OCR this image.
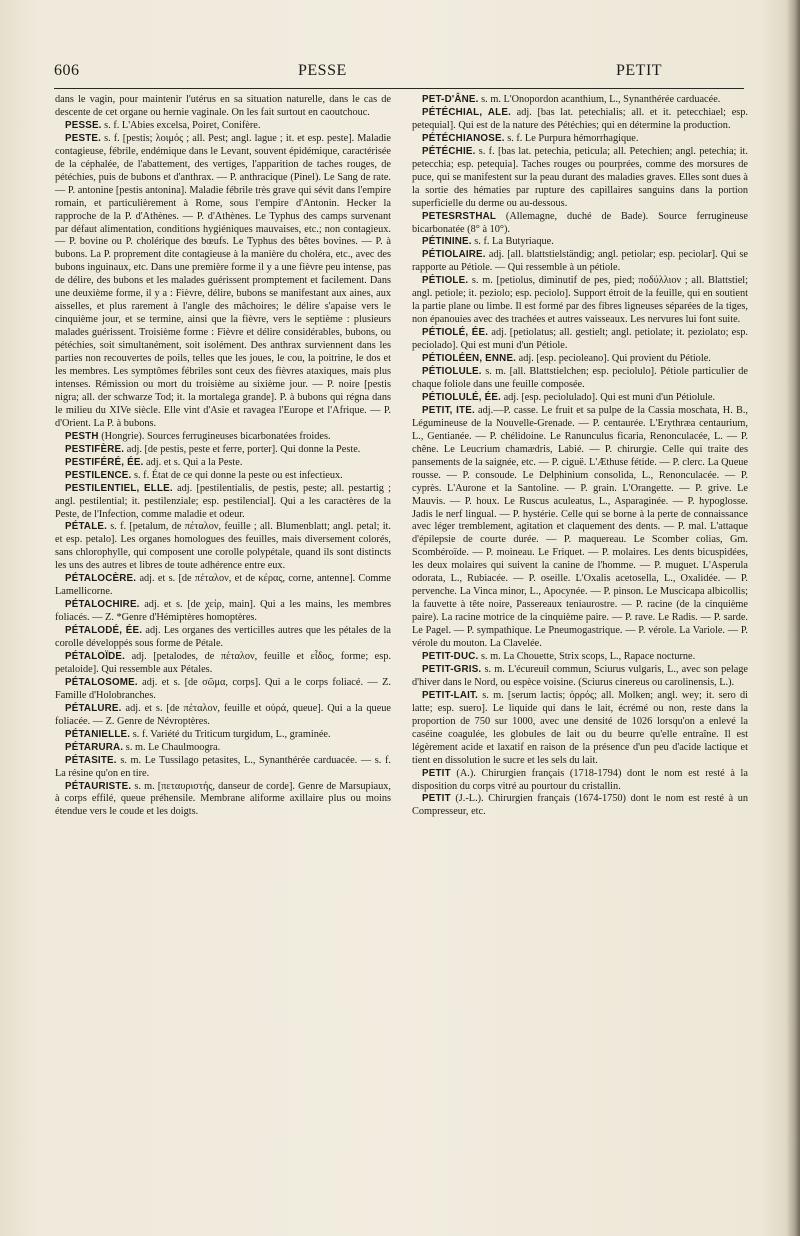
606	PESSE	PETIT

dans le vagin, pour maintenir l'utérus en sa situation naturelle, dans le cas de descente de cet organe ou hernie vaginale. On les fait surtout en caoutchouc.

PESSE. s. f. L'Abies excelsa, Poiret, Conifère.

PESTE. s. f. [pestis; λοιμός ; all. Pest; angl. lague ; it. et esp. peste]. Maladie contagieuse, fébrile, endémique dans le Levant, souvent épidémique, caractérisée de la céphalée, de l'abattement, des vertiges, l'apparition de taches rouges, de pétéchies, puis de bubons et d'anthrax. — P. anthracique (Pinel). Le Sang de rate. — P. antonine [pestis antonina]. Maladie fébrile très grave qui sévit dans l'empire romain, et particulièrement à Rome, sous l'empire d'Antonin. Hecker la rapproche de la P. d'Athènes. — P. d'Athènes. Le Typhus des camps survenant par défaut alimentation, conditions hygiéniques mauvaises, etc.; non contagieux. — P. bovine ou P. cholérique des bœufs. Le Typhus des bêtes bovines. — P. à bubons. La P. proprement dite contagieuse à la manière du choléra, etc., avec des bubons inguinaux, etc. Dans une première forme il y a une fièvre peu intense, pas de délire, des bubons et les malades guérissent promptement et facilement. Dans une deuxième forme, il y a : Fièvre, délire, bubons se manifestant aux aines, aux aisselles, et plus rarement à l'angle des mâchoires; le délire s'apaise vers le cinquième jour, et se termine, ainsi que la fièvre, vers le septième : plusieurs malades guérissent. Troisième forme : Fièvre et délire considérables, bubons, ou pétéchies, soit simultanément, soit isolément. Des anthrax surviennent dans les parties non recouvertes de poils, telles que les joues, le cou, la poitrine, le dos et les membres. Les symptômes fébriles sont ceux des fièvres ataxiques, mais plus intenses. Rémission ou mort du troisième au sixième jour. — P. noire [pestis nigra; all. der schwarze Tod; it. la mortalega grande]. P. à bubons qui régna dans le milieu du XIVe siècle. Elle vint d'Asie et ravagea l'Europe et l'Afrique. — P. d'Orient. La P. à bubons.

PESTH (Hongrie). Sources ferrugineuses bicarbonatées froides.

PESTIFÈRE. adj. [de pestis, peste et ferre, porter]. Qui donne la Peste.

PESTIFÉRÉ, ÉE. adj. et s. Qui a la Peste.

PESTILENCE. s. f. État de ce qui donne la peste ou est infectieux.

PESTILENTIEL, ELLE. adj. [pestilentialis, de pestis, peste; all. pestartig ; angl. pestilential; it. pestilenziale; esp. pestilencial]. Qui a les caractères de la Peste, de l'Infection, comme maladie et odeur.

PÉTALE. s. f. [petalum, de πέταλον, feuille ; all. Blumenblatt; angl. petal; it. et esp. petalo]. Les organes homologues des feuilles, mais diversement colorés, sans chlorophylle, qui composent une corolle polypétale, quand ils sont distincts les uns des autres et libres de toute adhérence entre eux.

PÉTALOCÈRE. adj. et s. [de πέταλον, et de κέρας, corne, antenne]. Comme Lamellicorne.

PÉTALOCHIRE. adj. et s. [de χείρ, main]. Qui a les mains, les membres foliacés. — Z. *Genre d'Hémiptères homoptères.

PÉTALODÉ, ÉE. adj. Les organes des verticilles autres que les pétales de la corolle développés sous forme de Pétale.

PÉTALOÏDE. adj. [petalodes, de πέταλον, feuille et εἶδος, forme; esp. petaloide]. Qui ressemble aux Pétales.

PÉTALOSOME. adj. et s. [de σῶμα, corps]. Qui a le corps foliacé. — Z. Famille d'Holobranches.

PÉTALURE. adj. et s. [de πέταλον, feuille et οὐρά, queue]. Qui a la queue foliacée. — Z. Genre de Névroptères.

PÉTANIELLE. s. f. Variété du Triticum turgidum, L., graminée.

PÉTARURA. s. m. Le Chaulmoogra.

PÉTASITE. s. m. Le Tussilago petasites, L., Synanthérée carduacée. — s. f. La résine qu'on en tire.

PÉTAURISTE. s. m. [πεταυριστής, danseur de corde]. Genre de Marsupiaux, à corps effilé, queue préhensile. Membrane aliforme axillaire plus ou moins étendue vers le coude et les doigts.

PET-D'ÂNE. s. m. L'Onopordon acanthium, L., Synanthérée carduacée.

PÉTÉCHIAL, ALE. adj. [bas lat. petechialis; all. et it. petecchiael; esp. petequial]. Qui est de la nature des Pétéchies; qui en détermine la production.

PÉTÉCHIANOSE. s. f. Le Purpura hémorrhagique.

PÉTÉCHIE. s. f. [bas lat. petechia, peticula; all. Petechien; angl. petechia; it. petecchia; esp. petequia]. Taches rouges ou pourprées, comme des morsures de puce, qui se manifestent sur la peau durant des maladies graves. Elles sont dues à la sortie des hématies par rupture des capillaires sanguins dans la portion superficielle du derme ou au-dessous.

PETESRSTHAL (Allemagne, duché de Bade). Source ferrugineuse bicarbonatée (8° à 10°).

PÉTININE. s. f. La Butyriaque.

PÉTIOLAIRE. adj. [all. blattstielständig; angl. petiolar; esp. peciolar]. Qui se rapporte au Pétiole. — Qui ressemble à un pétiole.

PÉTIOLE. s. m. [petiolus, diminutif de pes, pied; ποδύλλιον ; all. Blattstiel; angl. petiole; it. peziolo; esp. peciolo]. Support étroit de la feuille, qui en soutient la partie plane ou limbe. Il est formé par des fibres ligneuses séparées de la tiges, non épanouies avec des trachées et autres vaisseaux. Les nervures lui font suite.

PÉTIOLÉ, ÉE. adj. [petiolatus; all. gestielt; angl. petiolate; it. peziolato; esp. peciolado]. Qui est muni d'un Pétiole.

PÉTIOLÉEN, ENNE. adj. [esp. pecioleano]. Qui provient du Pétiole.

PÉTIOLULE. s. m. [all. Blattstielchen; esp. peciolulo]. Pétiole particulier de chaque foliole dans une feuille composée.

PÉTIOLULÉ, ÉE. adj. [esp. peciolulado]. Qui est muni d'un Pétiolule.

PETIT, ITE. adj.—P. casse. Le fruit et sa pulpe de la Cassia moschata, H. B., Légumineuse de la Nouvelle-Grenade. — P. centaurée. L'Erythræa centaurium, L., Gentianée. — P. chélidoine. Le Ranunculus ficaria, Renonculacée, L. — P. chêne. Le Leucrium chamædris, Labié. — P. chirurgie. Celle qui traite des pansements de la saignée, etc. — P. ciguë. L'Æthuse fétide. — P. clerc. La Queue rousse. — P. consoude. Le Delphinium consolida, L., Renonculacée. — P. cyprès. L'Aurone et la Santoline. — P. grain. L'Orangette. — P. grive. Le Mauvis. — P. houx. Le Ruscus aculeatus, L., Asparaginée. — P. hypoglosse. Jadis le nerf lingual. — P. hystérie. Celle qui se borne à la perte de connaissance avec léger tremblement, agitation et claquement des dents. — P. mal. L'attaque d'épilepsie de courte durée. — P. maquereau. Le Scomber colias, Gm. Scombéroïde. — P. moineau. Le Friquet. — P. molaires. Les dents bicuspidées, les deux molaires qui suivent la canine de l'homme. — P. muguet. L'Asperula odorata, L., Rubiacée. — P. oseille. L'Oxalis acetosella, L., Oxalidée. — P. pervenche. La Vinca minor, L., Apocynée. — P. pinson. Le Muscicapa albicollis; la fauvette à tête noire, Passereaux teniaurostre. — P. racine (de la cinquième paire). La racine motrice de la cinquième paire. — P. rave. Le Radis. — P. sarde. Le Pagel. — P. sympathique. Le Pneumogastrique. — P. vérole. La Variole. — P. vérole du mouton. La Clavelée.

PETIT-DUC. s. m. La Chouette, Strix scops, L., Rapace nocturne.

PETIT-GRIS. s. m. L'écureuil commun, Sciurus vulgaris, L., avec son pelage d'hiver dans le Nord, ou espèce voisine. (Sciurus cinereus ou carolinensis, L.).

PETIT-LAIT. s. m. [serum lactis; ὀρρός; all. Molken; angl. wey; it. sero di latte; esp. suero]. Le liquide qui dans le lait, écrémé ou non, reste dans la proportion de 750 sur 1000, avec une densité de 1026 lorsqu'on a enlevé la caséine coagulée, les globules de lait ou du beurre qu'elle entraîne. Il est légèrement acide et laxatif en raison de la présence d'un peu d'acide lactique et tient en dissolution le sucre et les sels du lait.

PETIT (A.). Chirurgien français (1718-1794) dont le nom est resté à la disposition du corps vitré au pourtour du cristallin.

PETIT (J.-L.). Chirurgien français (1674-1750) dont le nom est resté à un Compresseur, etc.
